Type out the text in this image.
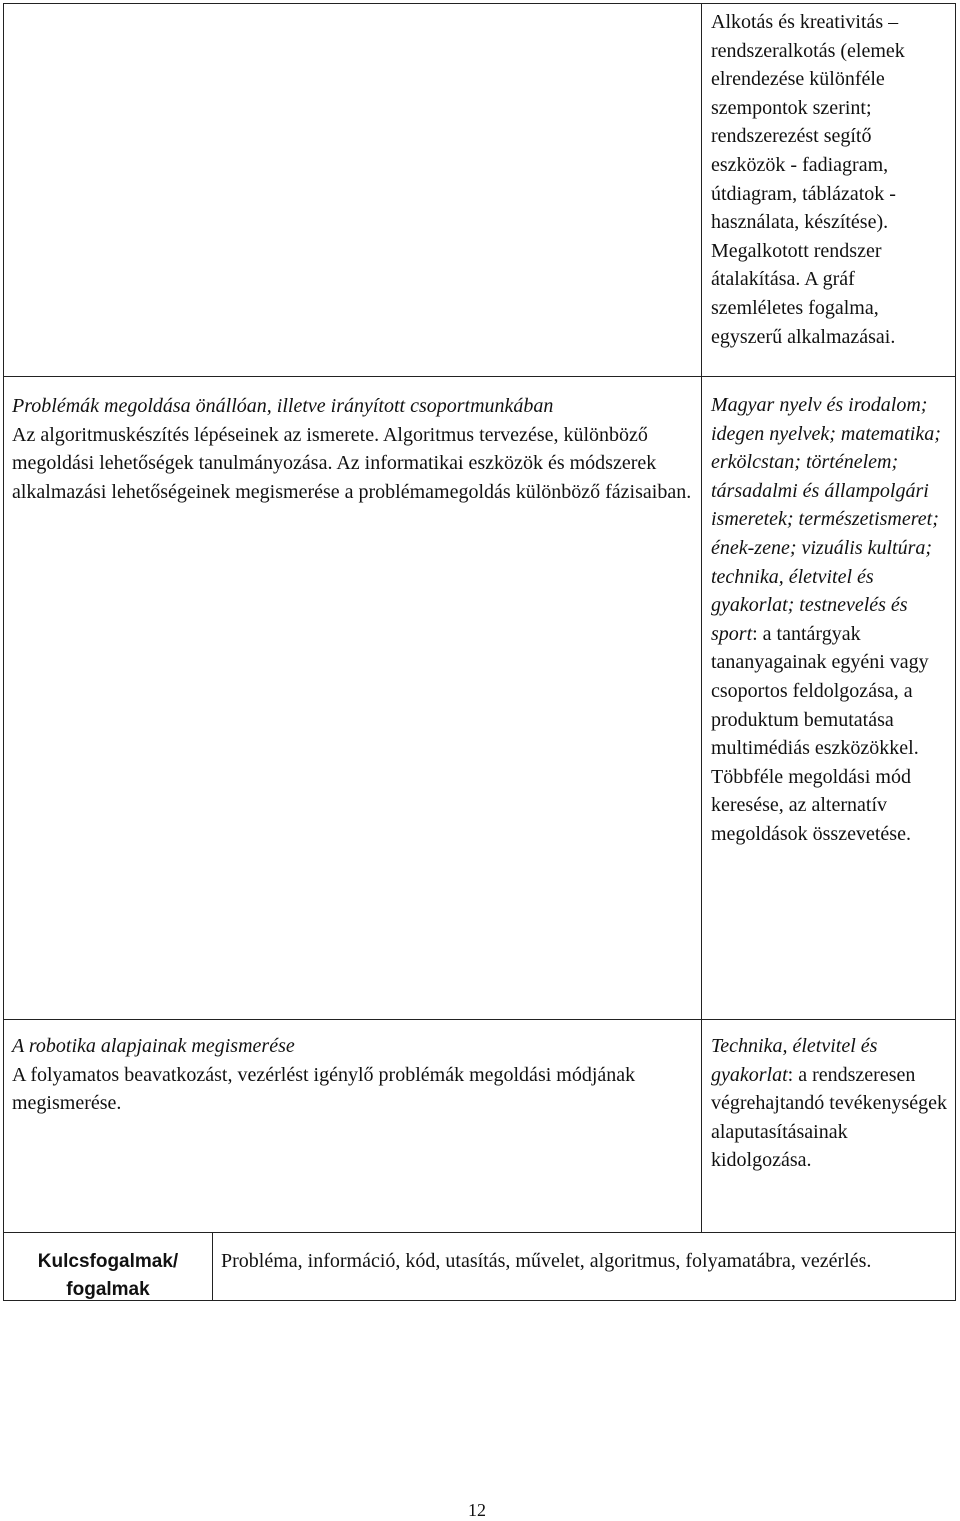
Alkotás és kreativitás – rendszeralkotás (elemek elrendezése különféle szempontok szerint; rendszerezést segítő eszközök - fadiagram, útdiagram, táblázatok - használata, készítése). Megalkotott rendszer átalakítása. A gráf szemléletes fogalma, egyszerű alkalmazásai.
Problémák megoldása önállóan, illetve irányított csoportmunkában
Az algoritmuskészítés lépéseinek az ismerete. Algoritmus tervezése, különböző megoldási lehetőségek tanulmányozása. Az informatikai eszközök és módszerek alkalmazási lehetőségeinek megismerése a problémamegoldás különböző fázisaiban.
Magyar nyelv és irodalom; idegen nyelvek; matematika; erkölcstan; történelem; társadalmi és állampolgári ismeretek; természetismeret; ének-zene; vizuális kultúra; technika, életvitel és gyakorlat; testnevelés és sport: a tantárgyak tananyagainak egyéni vagy csoportos feldolgozása, a produktum bemutatása multimédiás eszközökkel.
Többféle megoldási mód keresése, az alternatív megoldások összevetése.
A robotika alapjainak megismerése
A folyamatos beavatkozást, vezérlést igénylő problémák megoldási módjának megismerése.
Technika, életvitel és gyakorlat: a rendszeresen végrehajtandó tevékenységek alaputasításainak kidolgozása.
Kulcsfogalmak/ fogalmak
Probléma, információ, kód, utasítás, művelet, algoritmus, folyamatábra, vezérlés.
12
